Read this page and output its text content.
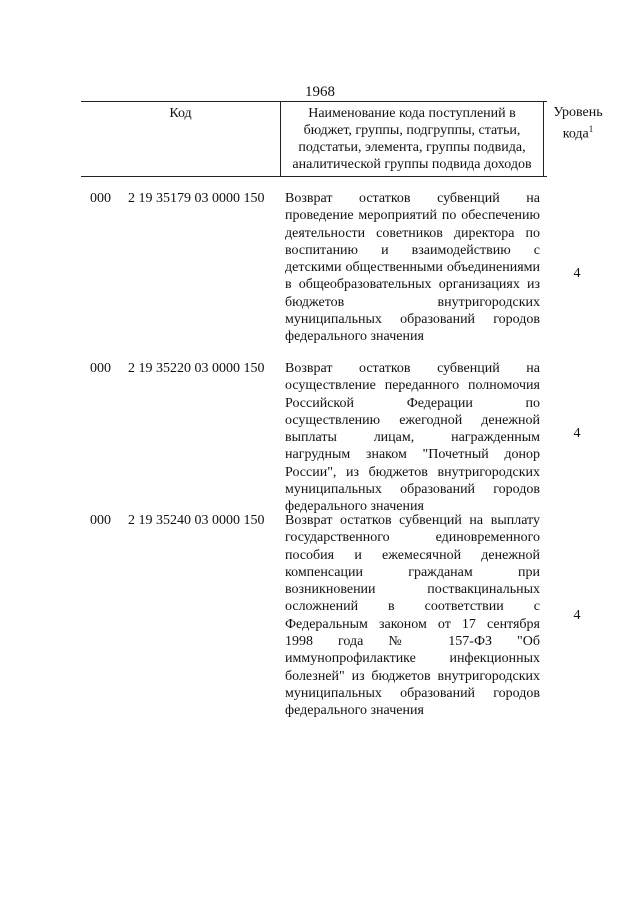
1968
Код	Наименование кода поступлений в бюджет, группы, подгруппы, статьи, подстатьи, элемента, группы подвида, аналитической группы подвида доходов
Уровень кода$^1$
000 2 19 35179 03 0000 150 Возврат остатков субвенций на проведение мероприятий по обеспечению деятельности советников директора по воспитанию и взаимодействию с детскими общественными объединениями в общеобразовательных организациях из бюджетов внутригородских муниципальных образований городов федерального значения
4
000 2 19 35220 03 0000 150 Возврат остатков субвенций на осуществление переданного полномочия Российской Федерации по осуществлению ежегодной денежной выплаты лицам, награжденным нагрудным знаком "Почетный донор России", из бюджетов внутригородских муниципальных образований городов федерального значения
4
000 2 19 35240 03 0000 150 Возврат остатков субвенций на выплату государственного единовременного пособия и ежемесячной денежной компенсации гражданам при возникновении поствакцинальных осложнений в соответствии с Федеральным законом от 17 сентября 1998 года № 157-ФЗ "Об иммунопрофилактике инфекционных болезней" из бюджетов внутригородских муниципальных образований городов федерального значения
4
